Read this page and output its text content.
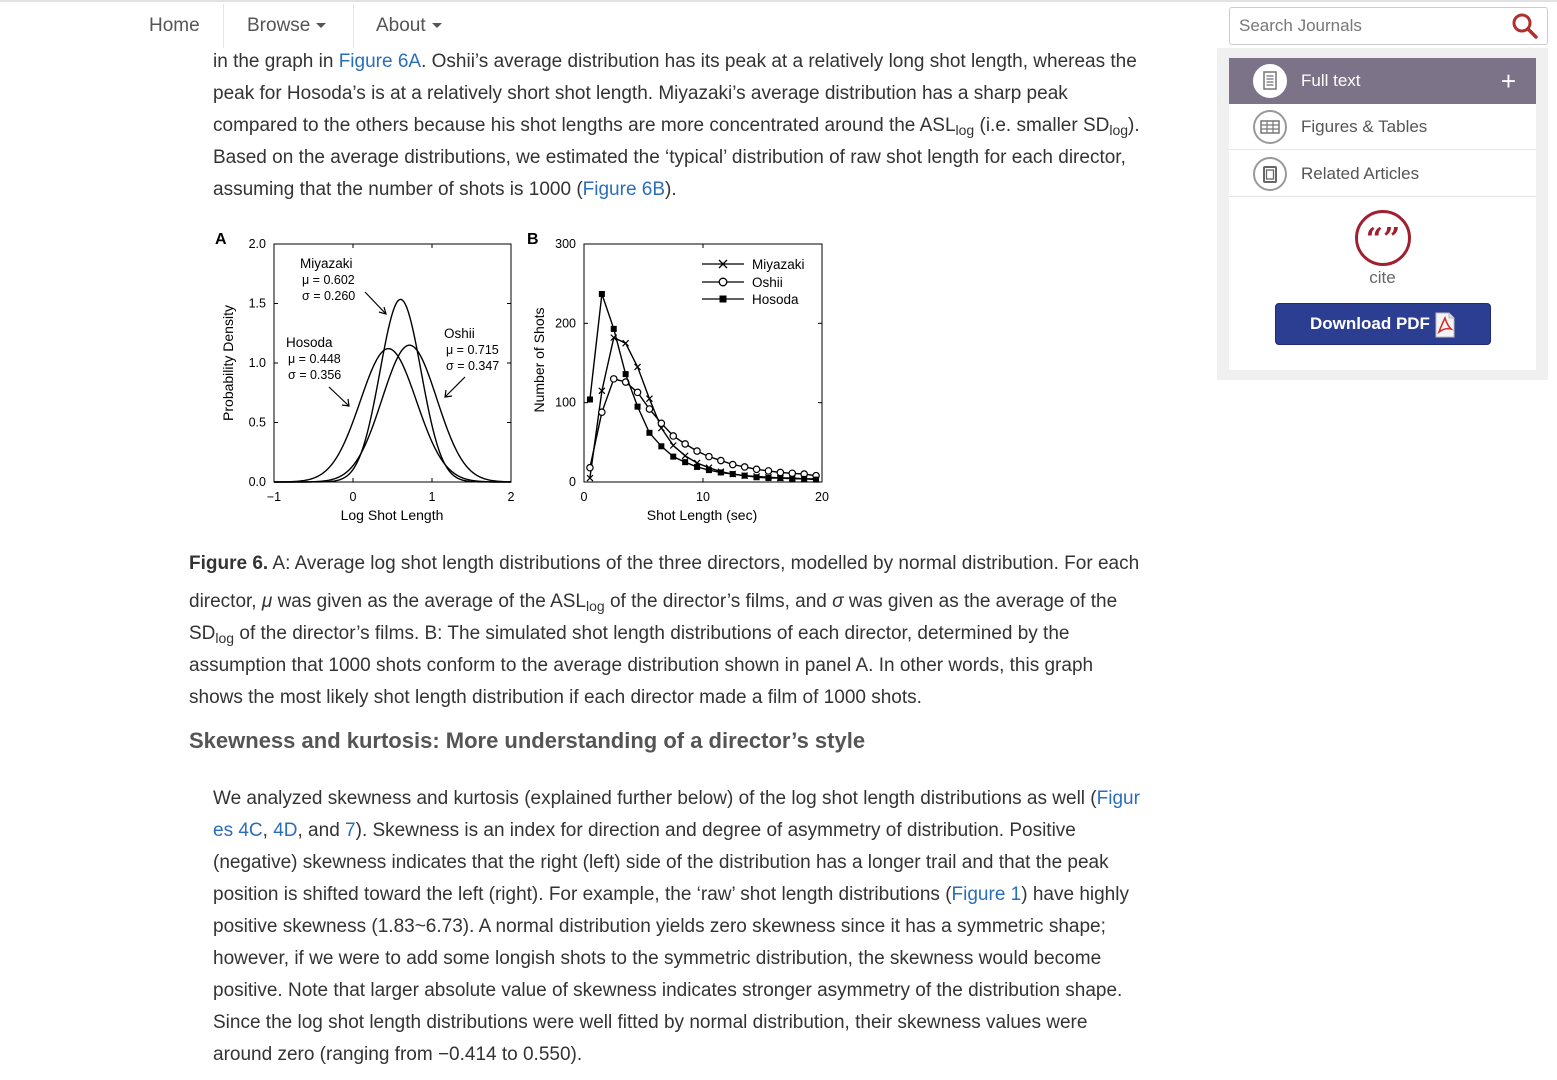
Home	Browse	About
Search Journals
in the graph in Figure 6A. Oshii’s average distribution has its peak at a relatively long shot length, whereas the
peak for Hosoda’s is at a relatively short shot length. Miyazaki’s average distribution has a sharp peak
compared to the others because his shot lengths are more concentrated around the $ASL_{log}$ (i.e. smaller $SD_{log}$).
Based on the average distributions, we estimated the ‘typical’ distribution of raw shot length for each director,
assuming that the number of shots is 1000 (Figure 6B).
A
0.0
0.5
1.0
1.5
2.0
−1	0	1	2
Log Shot Length
Probability Density
Miyazaki
μ = 0.602
σ = 0.260
Hosoda
μ = 0.448
σ = 0.356
Oshii
μ = 0.715
σ = 0.347
B
0
100
200
300
0	10	20
Shot Length (sec)
Number of Shots
Miyazaki
Oshii
Hosoda
Figure 6. A: Average log shot length distributions of the three directors, modelled by normal distribution. For each
director, μ was given as the average of the $ASL_{log}$ of the director’s films, and σ was given as the average of the
$SD_{log}$ of the director’s films. B: The simulated shot length distributions of each director, determined by the
assumption that 1000 shots conform to the average distribution shown in panel A. In other words, this graph
shows the most likely shot length distribution if each director made a film of 1000 shots.
Skewness and kurtosis: More understanding of a director’s style
We analyzed skewness and kurtosis (explained further below) of the log shot length distributions as well (Figur
es 4C, 4D, and 7). Skewness is an index for direction and degree of asymmetry of distribution. Positive
(negative) skewness indicates that the right (left) side of the distribution has a longer trail and that the peak
position is shifted toward the left (right). For example, the ‘raw’ shot length distributions (Figure 1) have highly
positive skewness (1.83~6.73). A normal distribution yields zero skewness since it has a symmetric shape;
however, if we were to add some longish shots to the symmetric distribution, the skewness would become
positive. Note that larger absolute value of skewness indicates stronger asymmetry of the distribution shape.
Since the log shot length distributions were well fitted by normal distribution, their skewness values were
around zero (ranging from −0.414 to 0.550).
Full text	+
Figures & Tables
Related Articles
“”
cite
Download PDF
